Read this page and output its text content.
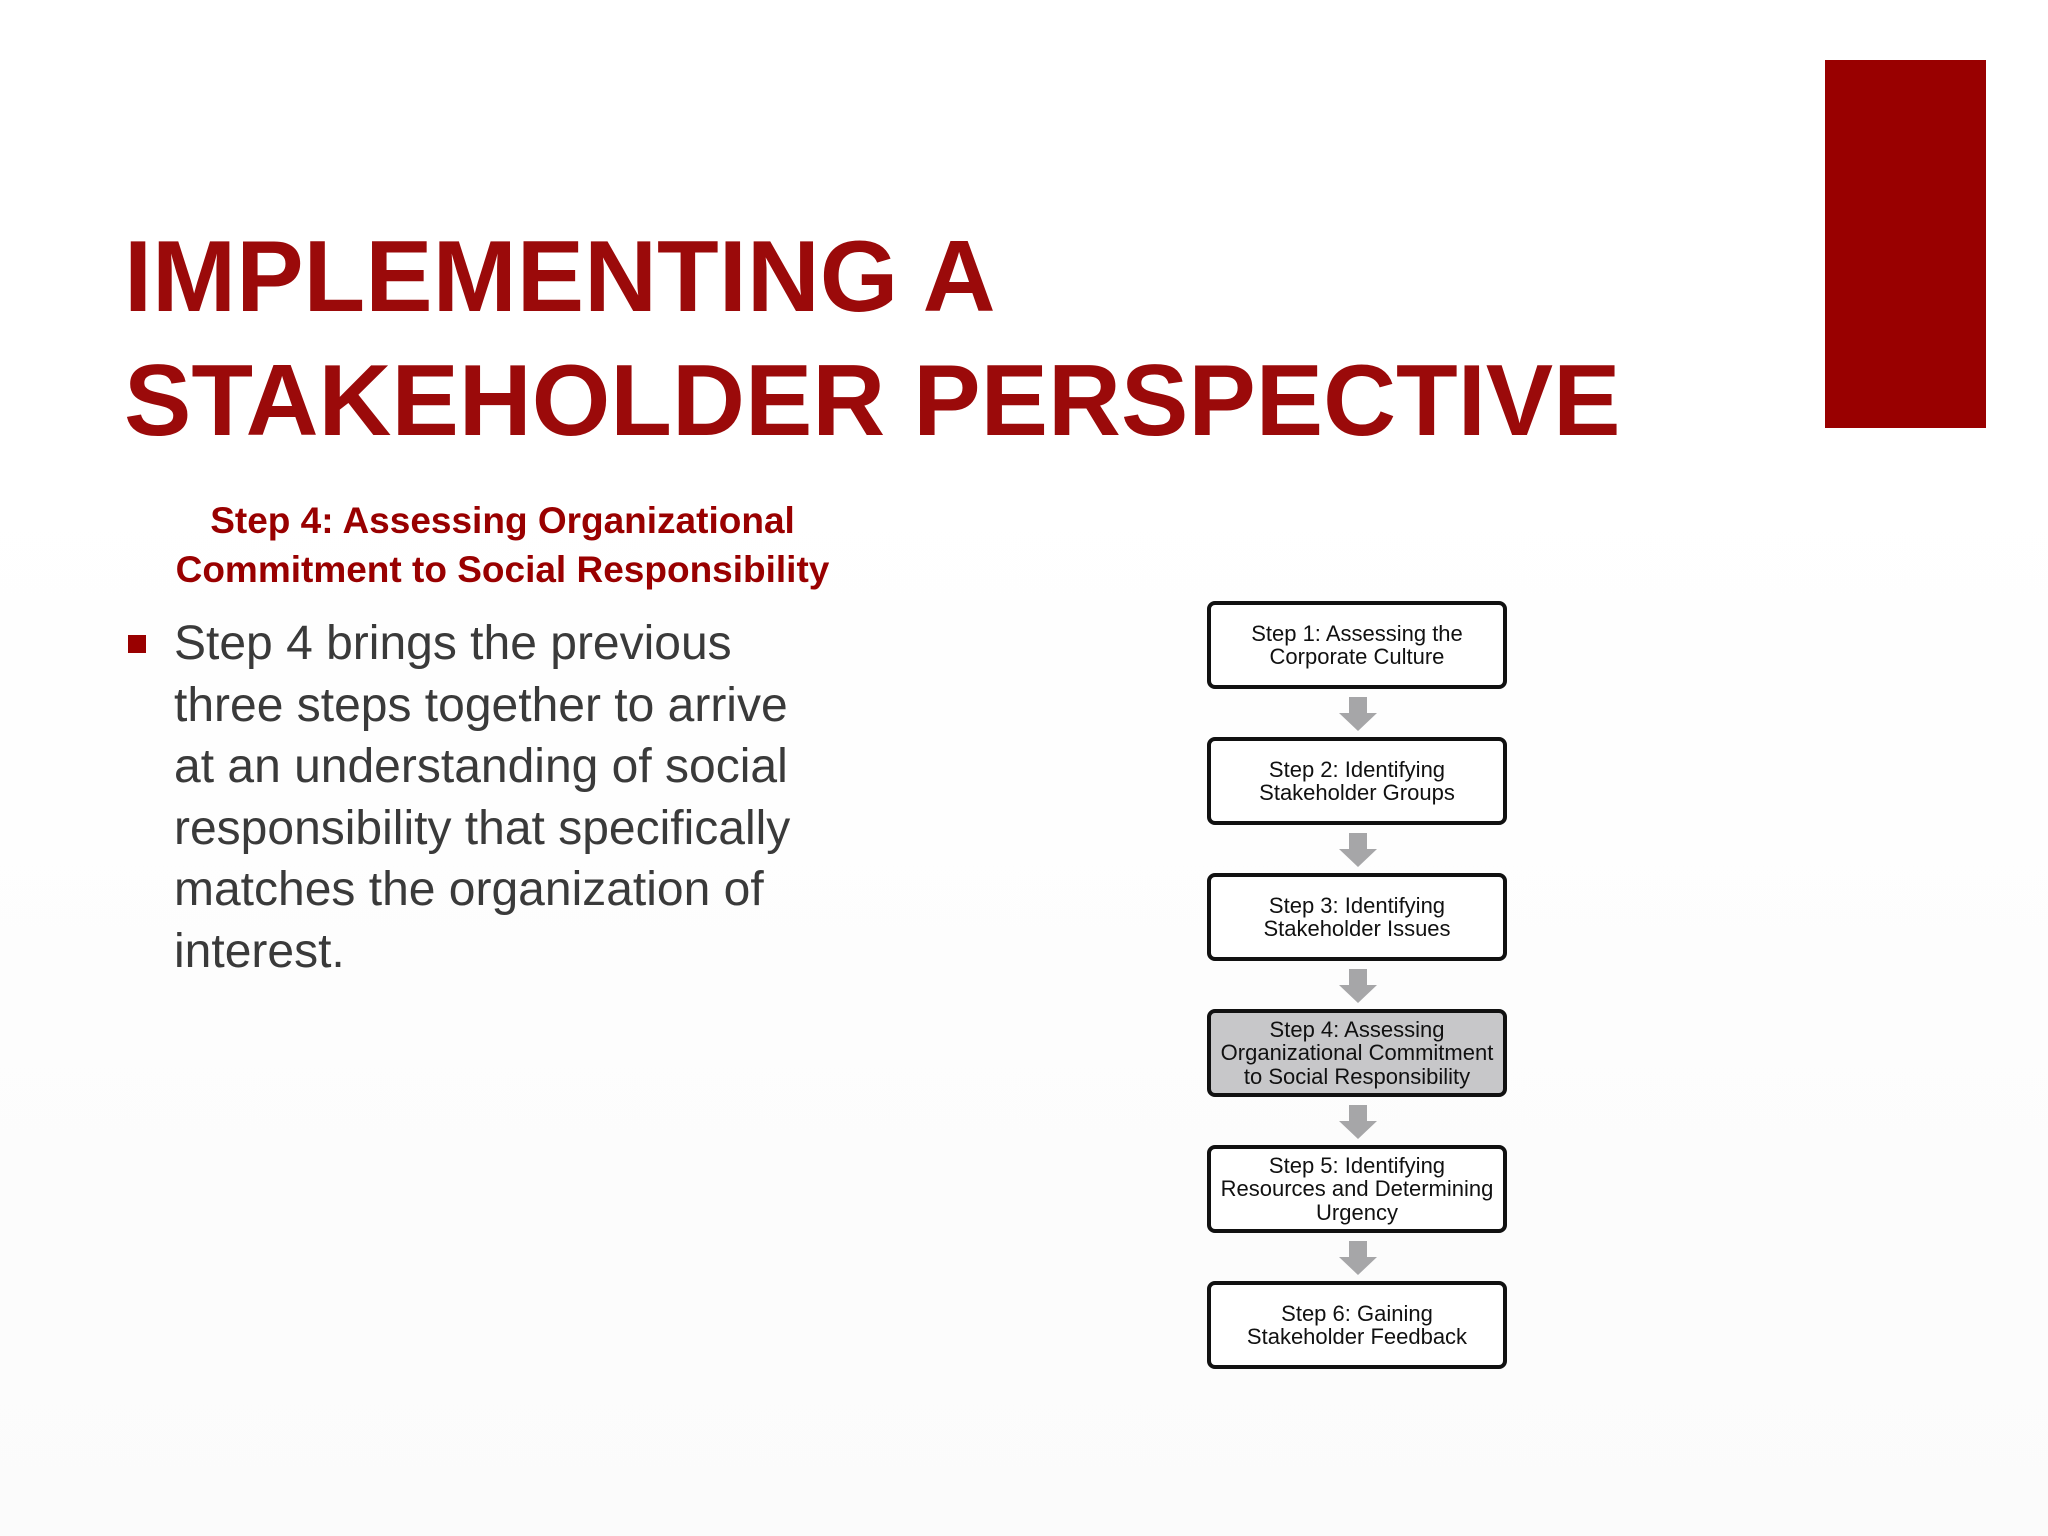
IMPLEMENTING A
STAKEHOLDER PERSPECTIVE
Step 4: Assessing Organizational
Commitment to Social Responsibility
Step 4 brings the previous
three steps together to arrive
at an understanding of social
responsibility that specifically
matches the organization of
interest.
Step 1: Assessing the
Corporate Culture
Step 2: Identifying
Stakeholder Groups
Step 3: Identifying
Stakeholder Issues
Step 4: Assessing
Organizational Commitment
to Social Responsibility
Step 5: Identifying
Resources and Determining
Urgency
Step 6: Gaining
Stakeholder Feedback
